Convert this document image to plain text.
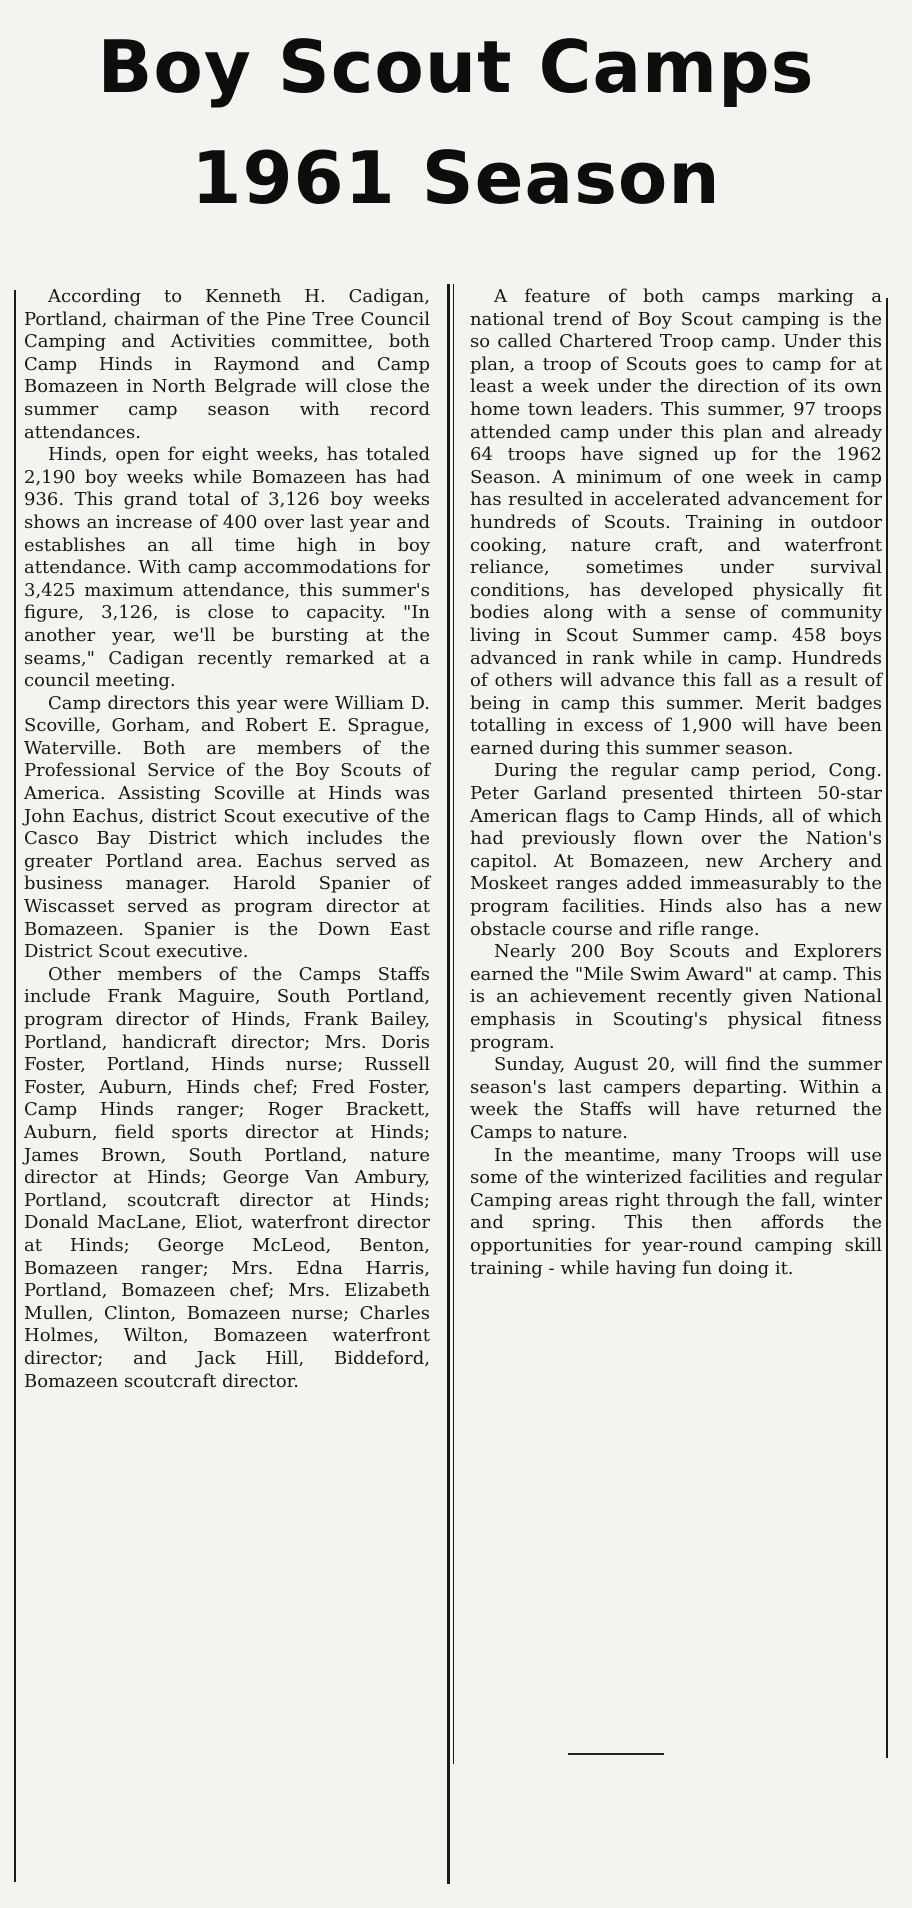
Boy Scout Camps
1961 Season

According to Kenneth H. Cadigan, Portland, chairman of the Pine Tree Council Camping and Activities committee, both Camp Hinds in Raymond and Camp Bomazeen in North Belgrade will close the summer camp season with record attendances.

Hinds, open for eight weeks, has totaled 2,190 boy weeks while Bomazeen has had 936. This grand total of 3,126 boy weeks shows an increase of 400 over last year and establishes an all time high in boy attendance. With camp accommodations for 3,425 maximum attendance, this summer's figure, 3,126, is close to capacity. "In another year, we'll be bursting at the seams," Cadigan recently remarked at a council meeting.

Camp directors this year were William D. Scoville, Gorham, and Robert E. Sprague, Waterville. Both are members of the Professional Service of the Boy Scouts of America. Assisting Scoville at Hinds was John Eachus, district Scout executive of the Casco Bay District which includes the greater Portland area. Eachus served as business manager. Harold Spanier of Wiscasset served as program director at Bomazeen. Spanier is the Down East District Scout executive.

Other members of the Camps Staffs include Frank Maguire, South Portland, program director of Hinds, Frank Bailey, Portland, handicraft director; Mrs. Doris Foster, Portland, Hinds nurse; Russell Foster, Auburn, Hinds chef; Fred Foster, Camp Hinds ranger; Roger Brackett, Auburn, field sports director at Hinds; James Brown, South Portland, nature director at Hinds; George Van Ambury, Portland, scoutcraft director at Hinds; Donald MacLane, Eliot, waterfront director at Hinds; George McLeod, Benton, Bomazeen ranger; Mrs. Edna Harris, Portland, Bomazeen chef; Mrs. Elizabeth Mullen, Clinton, Bomazeen nurse; Charles Holmes, Wilton, Bomazeen waterfront director; and Jack Hill, Biddeford, Bomazeen scoutcraft director.

A feature of both camps marking a national trend of Boy Scout camping is the so called Chartered Troop camp. Under this plan, a troop of Scouts goes to camp for at least a week under the direction of its own home town leaders. This summer, 97 troops attended camp under this plan and already 64 troops have signed up for the 1962 Season. A minimum of one week in camp has resulted in accelerated advancement for hundreds of Scouts. Training in outdoor cooking, nature craft, and waterfront reliance, sometimes under survival conditions, has developed physically fit bodies along with a sense of community living in Scout Summer camp. 458 boys advanced in rank while in camp. Hundreds of others will advance this fall as a result of being in camp this summer. Merit badges totalling in excess of 1,900 will have been earned during this summer season.

During the regular camp period, Cong. Peter Garland presented thirteen 50-star American flags to Camp Hinds, all of which had previously flown over the Nation's capitol. At Bomazeen, new Archery and Moskeet ranges added immeasurably to the program facilities. Hinds also has a new obstacle course and rifle range.

Nearly 200 Boy Scouts and Explorers earned the "Mile Swim Award" at camp. This is an achievement recently given National emphasis in Scouting's physical fitness program.

Sunday, August 20, will find the summer season's last campers departing. Within a week the Staffs will have returned the Camps to nature.

In the meantime, many Troops will use some of the winterized facilities and regular Camping areas right through the fall, winter and spring. This then affords the opportunities for year-round camping skill training - while having fun doing it.
